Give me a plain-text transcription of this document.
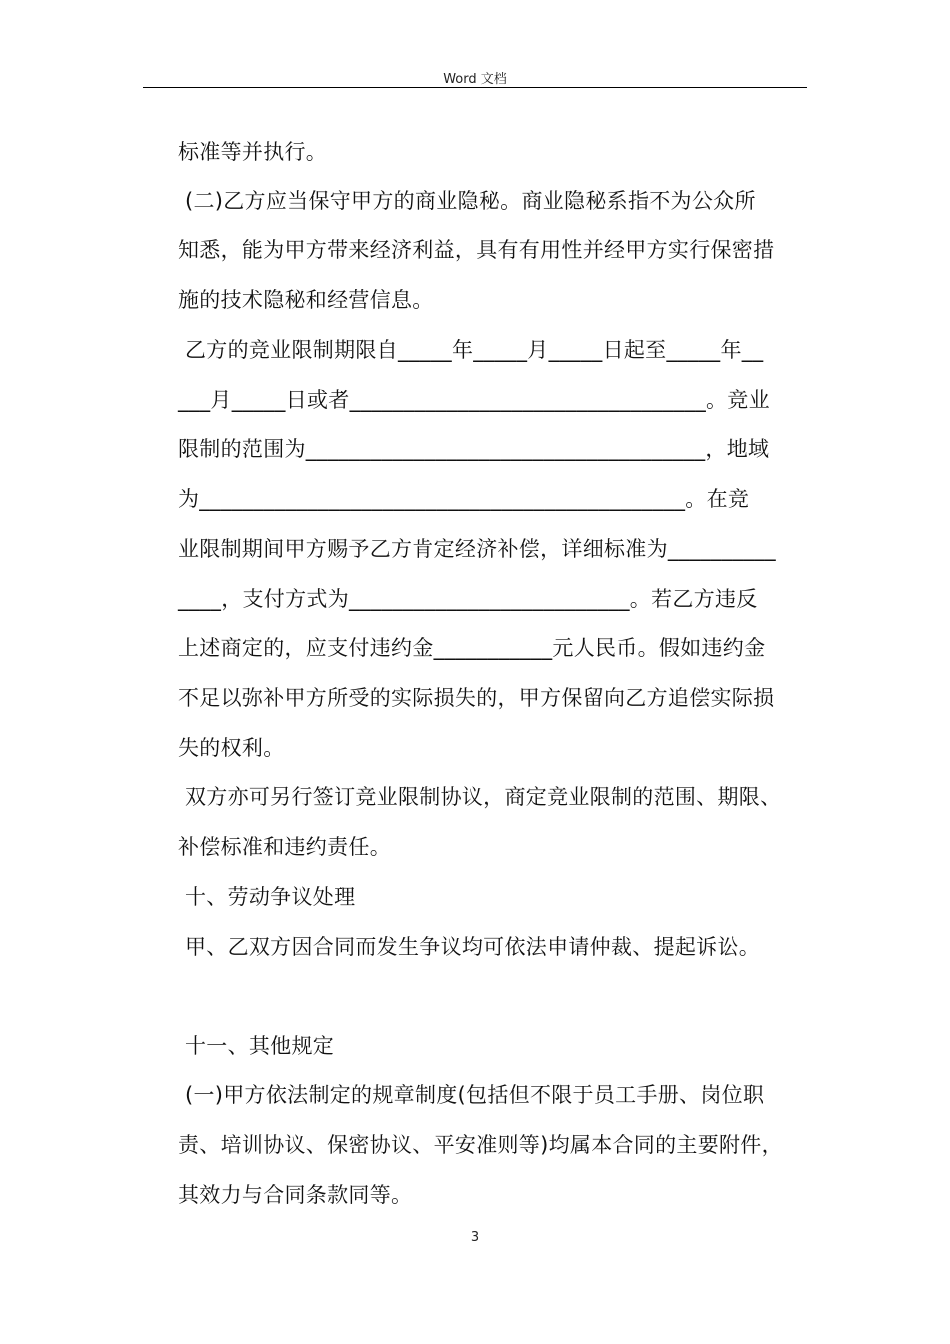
Word 文档
标准等并执行。
(二)乙方应当保守甲方的商业隐秘。商业隐秘系指不为公众所
知悉，能为甲方带来经济利益，具有有用性并经甲方实行保密措
施的技术隐秘和经营信息。
乙方的竞业限制期限自_____年_____月_____日起至_____年__
___月_____日或者_________________________________。竞业
限制的范围为_____________________________________，地域
为_____________________________________________。在竞
业限制期间甲方赐予乙方肯定经济补偿，详细标准为__________
____，支付方式为__________________________。若乙方违反
上述商定的，应支付违约金___________元人民币。假如违约金
不足以弥补甲方所受的实际损失的，甲方保留向乙方追偿实际损
失的权利。
双方亦可另行签订竞业限制协议，商定竞业限制的范围、期限、
补偿标准和违约责任。
十、劳动争议处理
甲、乙双方因合同而发生争议均可依法申请仲裁、提起诉讼。
十一、其他规定
(一)甲方依法制定的规章制度(包括但不限于员工手册、岗位职
责、培训协议、保密协议、平安准则等)均属本合同的主要附件，
其效力与合同条款同等。
3
